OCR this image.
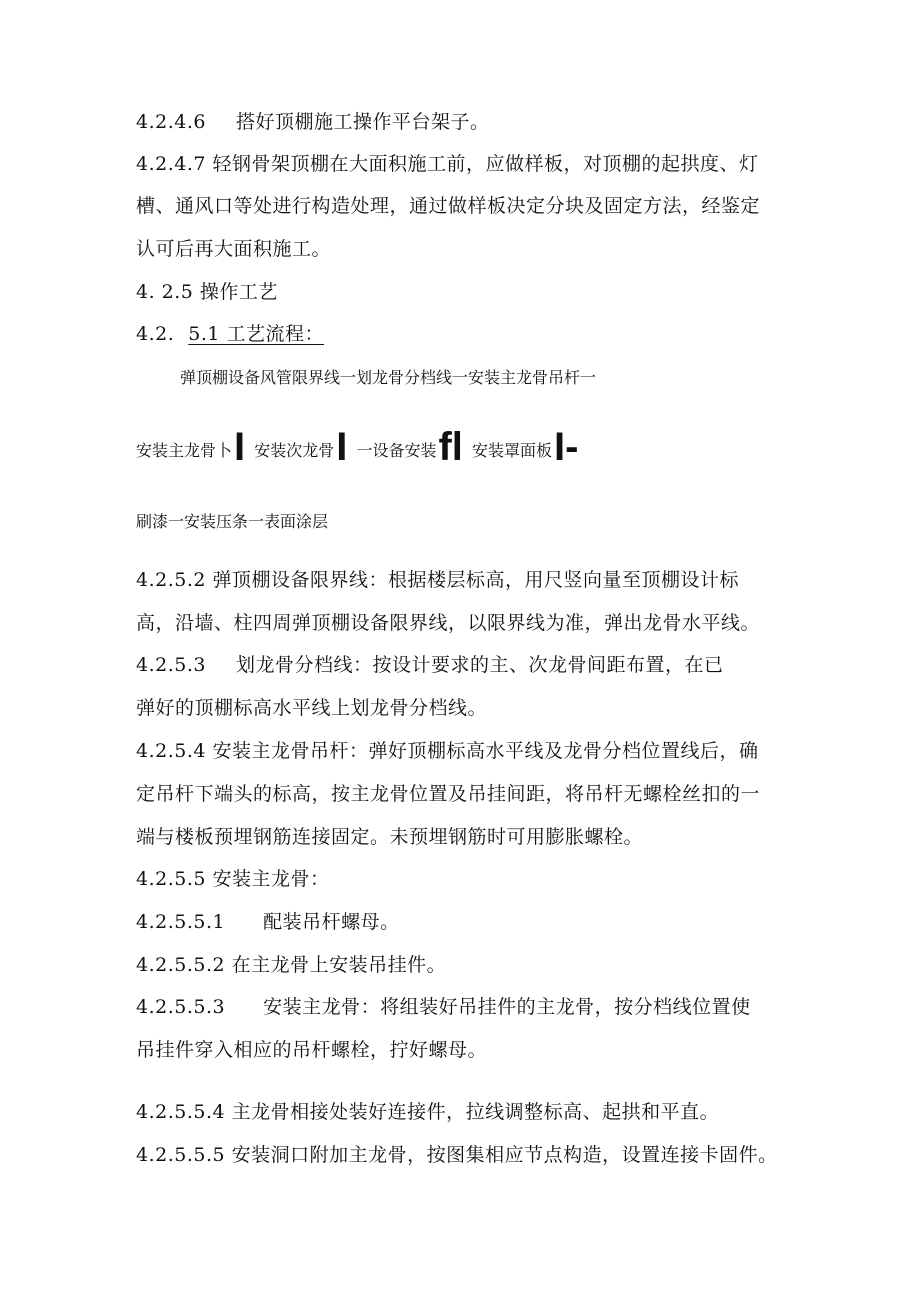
4.2.4.6 搭好顶棚施工操作平台架子。
4.2.4.7 轻钢骨架顶棚在大面积施工前，应做样板，对顶棚的起拱度、灯
槽、通风口等处进行构造处理，通过做样板决定分块及固定方法，经鉴定
认可后再大面积施工。
4. 2.5 操作工艺
4.2. 5.1 工艺流程：
弹顶棚设备风管限界线一划龙骨分档线一安装主龙骨吊杆一
安装主龙骨卜I 安装次龙骨I 一设备安装fl 安装罩面板I-
刷漆一安装压条一表面涂层
4.2.5.2 弹顶棚设备限界线：根据楼层标高，用尺竖向量至顶棚设计标
高，沿墙、柱四周弹顶棚设备限界线，以限界线为准，弹出龙骨水平线。
4.2.5.3 划龙骨分档线：按设计要求的主、次龙骨间距布置，在已
弹好的顶棚标高水平线上划龙骨分档线。
4.2.5.4 安装主龙骨吊杆：弹好顶棚标高水平线及龙骨分档位置线后，确
定吊杆下端头的标高，按主龙骨位置及吊挂间距，将吊杆无螺栓丝扣的一
端与楼板预埋钢筋连接固定。未预埋钢筋时可用膨胀螺栓。
4.2.5.5 安装主龙骨：
4.2.5.5.1 配装吊杆螺母。
4.2.5.5.2 在主龙骨上安装吊挂件。
4.2.5.5.3 安装主龙骨：将组装好吊挂件的主龙骨，按分档线位置使
吊挂件穿入相应的吊杆螺栓，拧好螺母。
4.2.5.5.4 主龙骨相接处装好连接件，拉线调整标高、起拱和平直。
4.2.5.5.5 安装洞口附加主龙骨，按图集相应节点构造，设置连接卡固件。
